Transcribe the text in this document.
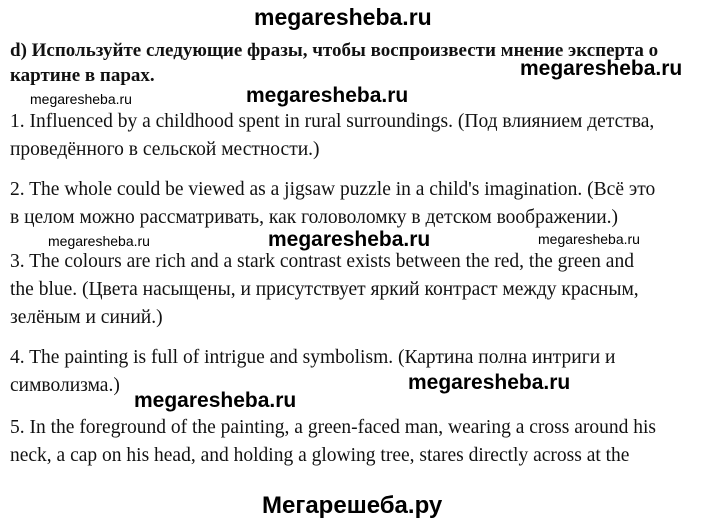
megaresheba.ru

d) Используйте следующие фразы, чтобы воспроизвести мнение эксперта о картине в парах.	megaresheba.ru
megaresheba.ru	megaresheba.ru

1. Influenced by a childhood spent in rural surroundings. (Под влиянием детства,
проведённого в сельской местности.)

2. The whole could be viewed as a jigsaw puzzle in a child's imagination. (Всё это
в целом можно рассматривать, как головоломку в детском воображении.)

megaresheba.ru	megaresheba.ru	megaresheba.ru

3. The colours are rich and a stark contrast exists between the red, the green and
the blue. (Цвета насыщены, и присутствует яркий контраст между красным,
зелёным и синий.)

4. The painting is full of intrigue and symbolism. (Картина полна интриги и
символизма.)	megaresheba.ru
megaresheba.ru

5. In the foreground of the painting, a green-faced man, wearing a cross around his
neck, a cap on his head, and holding a glowing tree, stares directly across at the

Мегарешеба.ру
